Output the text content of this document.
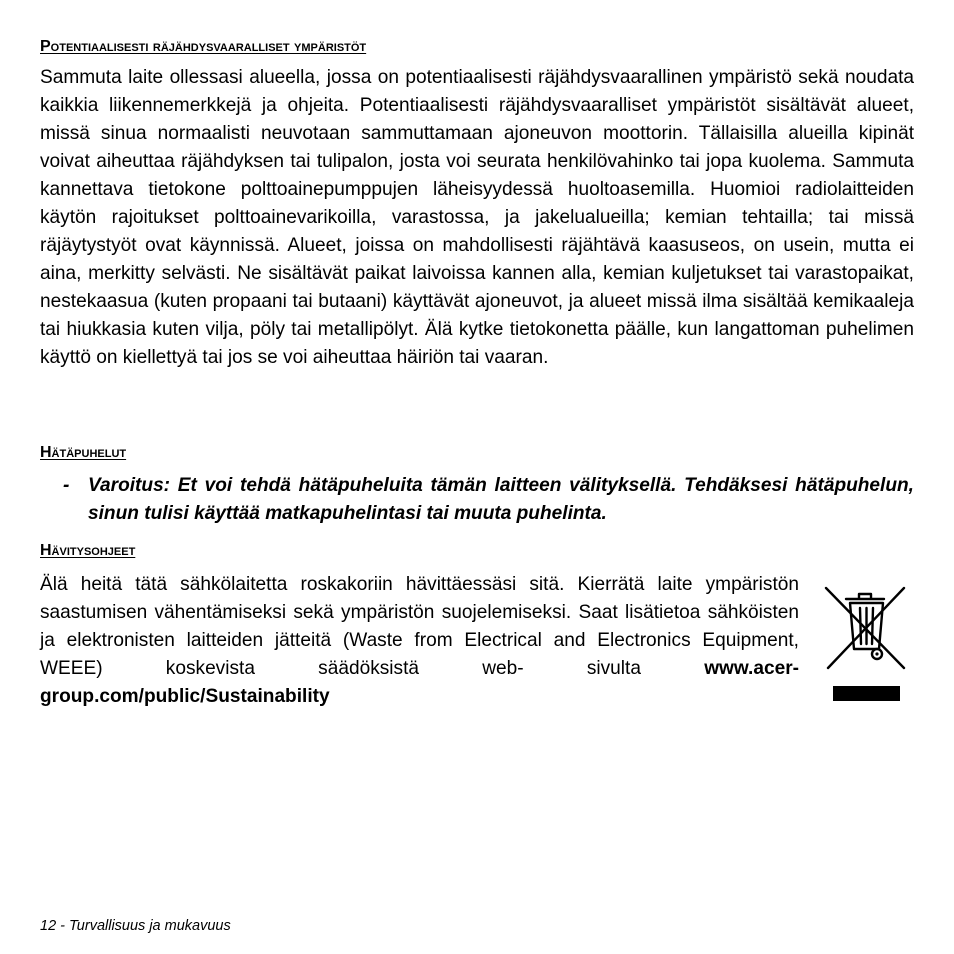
Potentiaalisesti räjähdysvaaralliset ympäristöt

Sammuta laite ollessasi alueella, jossa on potentiaalisesti räjähdysvaarallinen ympäristö sekä noudata kaikkia liikennemerkkejä ja ohjeita. Potentiaalisesti räjähdysvaaralliset ympäristöt sisältävät alueet, missä sinua normaalisti neuvotaan sammuttamaan ajoneuvon moottorin. Tällaisilla alueilla kipinät voivat aiheuttaa räjähdyksen tai tulipalon, josta voi seurata henkilövahinko tai jopa kuolema. Sammuta kannettava tietokone polttoainepumppujen läheisyydessä huoltoasemilla. Huomioi radiolaitteiden käytön rajoitukset polttoainevarikoilla, varastossa, ja jakelualueilla; kemian tehtailla; tai missä räjäytystyöt ovat käynnissä. Alueet, joissa on mahdollisesti räjähtävä kaasuseos, on usein, mutta ei aina, merkitty selvästi. Ne sisältävät paikat laivoissa kannen alla, kemian kuljetukset tai varastopaikat, nestekaasua (kuten propaani tai butaani) käyttävät ajoneuvot, ja alueet missä ilma sisältää kemikaaleja tai hiukkasia kuten vilja, pöly tai metallipölyt. Älä kytke tietokonetta päälle, kun langattoman puhelimen käyttö on kiellettyä tai jos se voi aiheuttaa häiriön tai vaaran.

Hätäpuhelut
- Varoitus: Et voi tehdä hätäpuheluita tämän laitteen välityksellä. Tehdäksesi hätäpuhelun, sinun tulisi käyttää matkapuhelintasi tai muuta puhelinta.
Hävitysohjeet

Älä heitä tätä sähkölaitetta roskakoriin hävittäessäsi sitä. Kierrätä laite ympäristön saastumisen vähentämiseksi sekä ympäristön suojelemiseksi. Saat lisätietoa sähköisten ja elektronisten laitteiden jätteitä (Waste from Electrical and Electronics Equipment, WEEE) koskevista säädöksistä web-	sivulta www.acer-group.com/public/Sustainability

12 - Turvallisuus ja mukavuus
